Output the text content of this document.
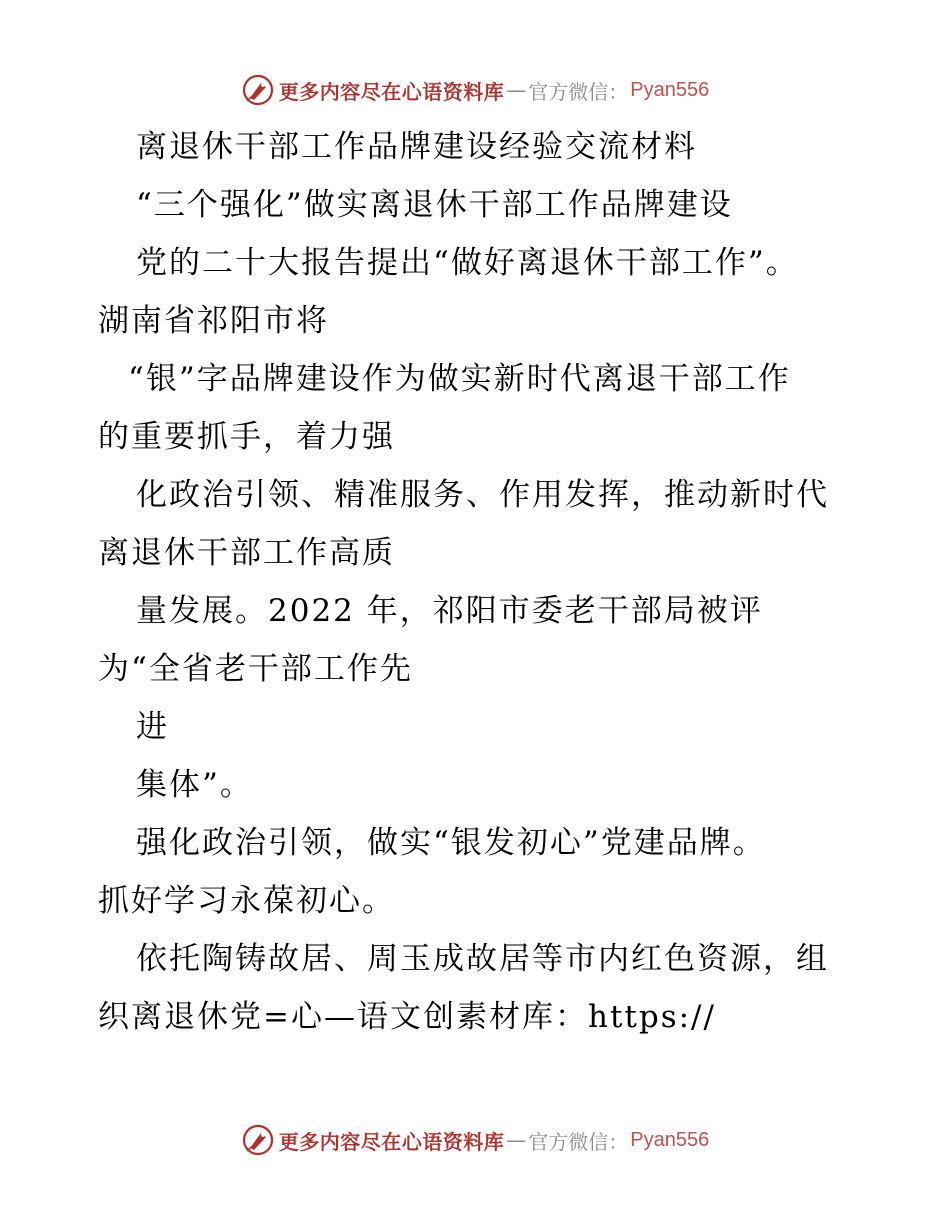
更多内容尽在心语资料库 — 官方微信： Pyan556
离退休干部工作品牌建设经验交流材料
“三个强化”做实离退休干部工作品牌建设
党的二十大报告提出“做好离退休干部工作”。
湖南省祁阳市将
“银”字品牌建设作为做实新时代离退干部工作
的重要抓手，着力强
化政治引领、精准服务、作用发挥，推动新时代
离退休干部工作高质
量发展。2022 年，祁阳市委老干部局被评
为“全省老干部工作先
进
集体”。
强化政治引领，做实“银发初心”党建品牌。
抓好学习永葆初心。
依托陶铸故居、周玉成故居等市内红色资源，组
织离退休党=心—语文创素材库：https://
更多内容尽在心语资料库 — 官方微信： Pyan556
